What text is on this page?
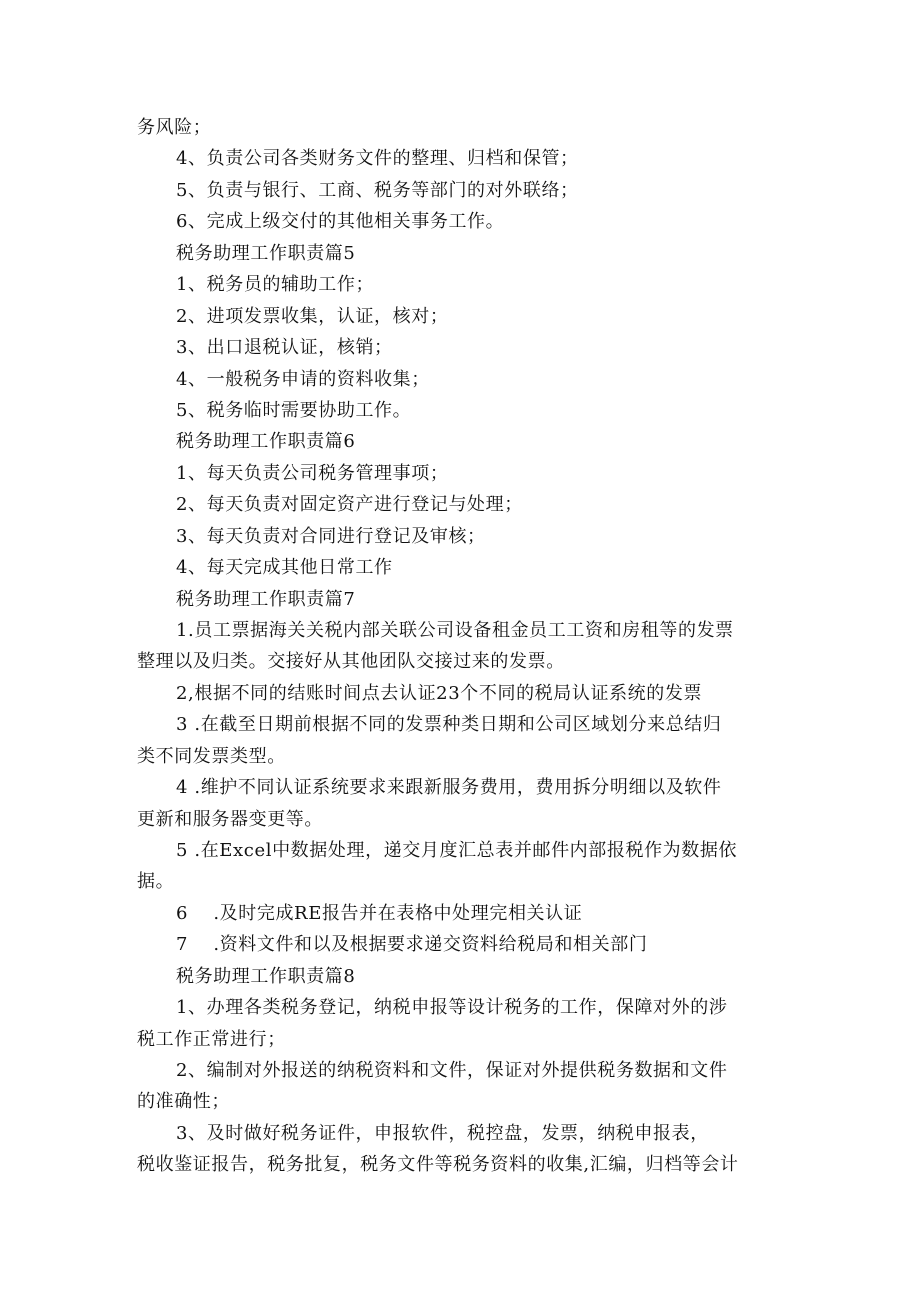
务风险；
4、负责公司各类财务文件的整理、归档和保管；
5、负责与银行、工商、税务等部门的对外联络；
6、完成上级交付的其他相关事务工作。
税务助理工作职责篇5
1、税务员的辅助工作；
2、进项发票收集，认证，核对；
3、出口退税认证，核销；
4、一般税务申请的资料收集；
5、税务临时需要协助工作。
税务助理工作职责篇6
1、每天负责公司税务管理事项；
2、每天负责对固定资产进行登记与处理；
3、每天负责对合同进行登记及审核；
4、每天完成其他日常工作
税务助理工作职责篇7
1.员工票据海关关税内部关联公司设备租金员工工资和房租等的发票
整理以及归类。交接好从其他团队交接过来的发票。
2,根据不同的结账时间点去认证23个不同的税局认证系统的发票
3 .在截至日期前根据不同的发票种类日期和公司区域划分来总结归
类不同发票类型。
4 .维护不同认证系统要求来跟新服务费用，费用拆分明细以及软件
更新和服务器变更等。
5 .在Excel中数据处理，递交月度汇总表并邮件内部报税作为数据依
据。
6    .及时完成RE报告并在表格中处理完相关认证
7    .资料文件和以及根据要求递交资料给税局和相关部门
税务助理工作职责篇8
1、办理各类税务登记，纳税申报等设计税务的工作，保障对外的涉
税工作正常进行；
2、编制对外报送的纳税资料和文件，保证对外提供税务数据和文件
的准确性；
3、及时做好税务证件，申报软件，税控盘，发票，纳税申报表，
税收鉴证报告，税务批复，税务文件等税务资料的收集,汇编，归档等会计
